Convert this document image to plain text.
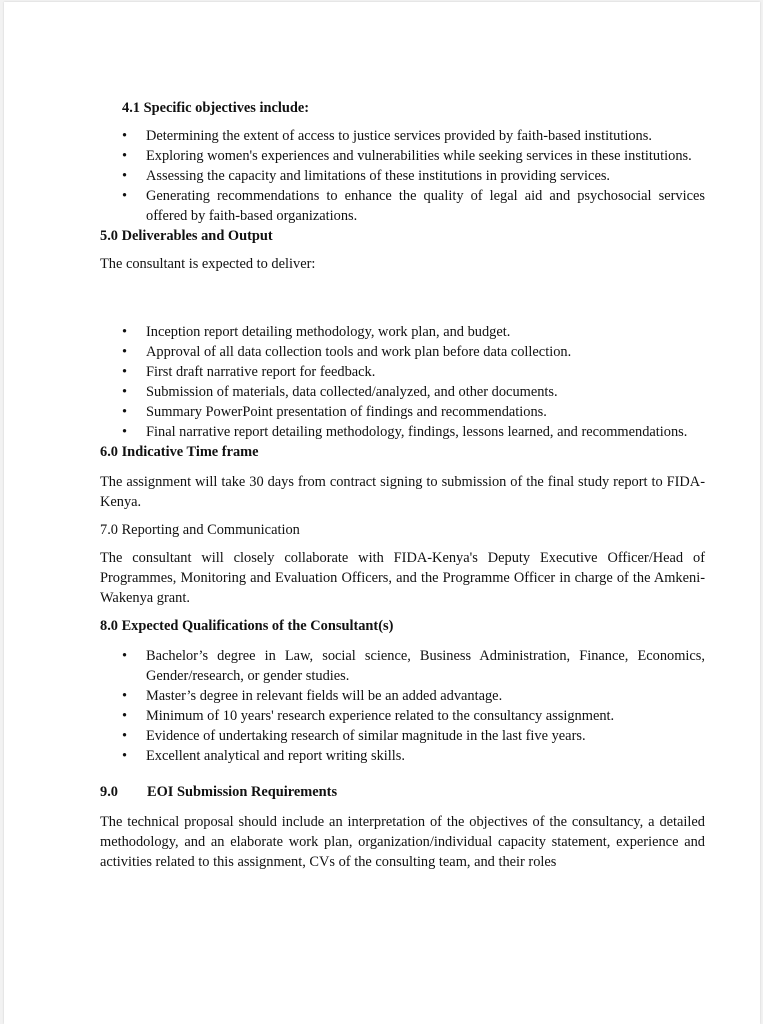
4.1 Specific objectives include:
• Determining the extent of access to justice services provided by faith-based institutions.
• Exploring women's experiences and vulnerabilities while seeking services in these institutions.
• Assessing the capacity and limitations of these institutions in providing services.
• Generating recommendations to enhance the quality of legal aid and psychosocial services offered by faith-based organizations.
5.0 Deliverables and Output

The consultant is expected to deliver:

• Inception report detailing methodology, work plan, and budget.
• Approval of all data collection tools and work plan before data collection.
• First draft narrative report for feedback.
• Submission of materials, data collected/analyzed, and other documents.
• Summary PowerPoint presentation of findings and recommendations.
• Final narrative report detailing methodology, findings, lessons learned, and recommendations.
6.0 Indicative Time frame

The assignment will take 30 days from contract signing to submission of the final study report to FIDA-Kenya.

7.0 Reporting and Communication

The consultant will closely collaborate with FIDA-Kenya's Deputy Executive Officer/Head of Programmes, Monitoring and Evaluation Officers, and the Programme Officer in charge of the Amkeni-Wakenya grant.

8.0 Expected Qualifications of the Consultant(s)
• Bachelor’s degree in Law, social science, Business Administration, Finance, Economics, Gender/research, or gender studies.
• Master’s degree in relevant fields will be an added advantage.
• Minimum of 10 years' research experience related to the consultancy assignment.
• Evidence of undertaking research of similar magnitude in the last five years.
• Excellent analytical and report writing skills.
9.0	EOI Submission Requirements

The technical proposal should include an interpretation of the objectives of the consultancy, a detailed methodology, and an elaborate work plan, organization/individual capacity statement, experience and activities related to this assignment, CVs of the consulting team, and their roles
